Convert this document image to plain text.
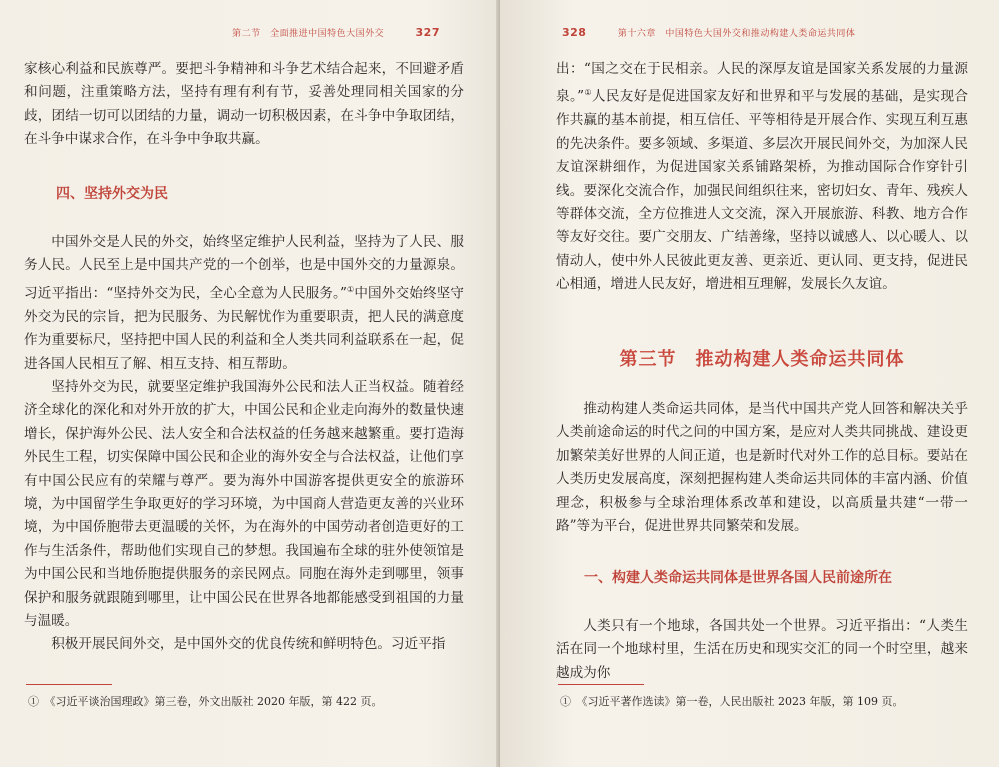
第二节　全面推进中国特色大国外交	327

家核心利益和民族尊严。要把斗争精神和斗争艺术结合起来，不回避矛盾和问题，注重策略方法，坚持有理有利有节，妥善处理同相关国家的分歧，团结一切可以团结的力量，调动一切积极因素，在斗争中争取团结，在斗争中谋求合作，在斗争中争取共赢。

四、坚持外交为民

中国外交是人民的外交，始终坚定维护人民利益，坚持为了人民、服务人民。人民至上是中国共产党的一个创举，也是中国外交的力量源泉。习近平指出：“坚持外交为民，全心全意为人民服务。”①中国外交始终坚守外交为民的宗旨，把为民服务、为民解忧作为重要职责，把人民的满意度作为重要标尺，坚持把中国人民的利益和全人类共同利益联系在一起，促进各国人民相互了解、相互支持、相互帮助。

坚持外交为民，就要坚定维护我国海外公民和法人正当权益。随着经济全球化的深化和对外开放的扩大，中国公民和企业走向海外的数量快速增长，保护海外公民、法人安全和合法权益的任务越来越繁重。要打造海外民生工程，切实保障中国公民和企业的海外安全与合法权益，让他们享有中国公民应有的荣耀与尊严。要为海外中国游客提供更安全的旅游环境，为中国留学生争取更好的学习环境，为中国商人营造更友善的兴业环境，为中国侨胞带去更温暖的关怀，为在海外的中国劳动者创造更好的工作与生活条件，帮助他们实现自己的梦想。我国遍布全球的驻外使领馆是为中国公民和当地侨胞提供服务的亲民网点。同胞在海外走到哪里，领事保护和服务就跟随到哪里，让中国公民在世界各地都能感受到祖国的力量与温暖。

积极开展民间外交，是中国外交的优良传统和鲜明特色。习近平指

①　《习近平谈治国理政》第三卷，外文出版社 2020 年版，第 422 页。
328	第十六章　中国特色大国外交和推动构建人类命运共同体

出：“国之交在于民相亲。人民的深厚友谊是国家关系发展的力量源泉。”①人民友好是促进国家友好和世界和平与发展的基础，是实现合作共赢的基本前提，相互信任、平等相待是开展合作、实现互利互惠的先决条件。要多领域、多渠道、多层次开展民间外交，为加深人民友谊深耕细作，为促进国家关系铺路架桥，为推动国际合作穿针引线。要深化交流合作，加强民间组织往来，密切妇女、青年、残疾人等群体交流，全方位推进人文交流，深入开展旅游、科教、地方合作等友好交往。要广交朋友、广结善缘，坚持以诚感人、以心暖人、以情动人，使中外人民彼此更友善、更亲近、更认同、更支持，促进民心相通，增进人民友好，增进相互理解，发展长久友谊。

第三节　推动构建人类命运共同体

推动构建人类命运共同体，是当代中国共产党人回答和解决关乎人类前途命运的时代之问的中国方案，是应对人类共同挑战、建设更加繁荣美好世界的人间正道，也是新时代对外工作的总目标。要站在人类历史发展高度，深刻把握构建人类命运共同体的丰富内涵、价值理念，积极参与全球治理体系改革和建设，以高质量共建“一带一路”等为平台，促进世界共同繁荣和发展。

一、构建人类命运共同体是世界各国人民前途所在

人类只有一个地球，各国共处一个世界。习近平指出：“人类生活在同一个地球村里，生活在历史和现实交汇的同一个时空里，越来越成为你

①　《习近平著作选读》第一卷，人民出版社 2023 年版，第 109 页。
